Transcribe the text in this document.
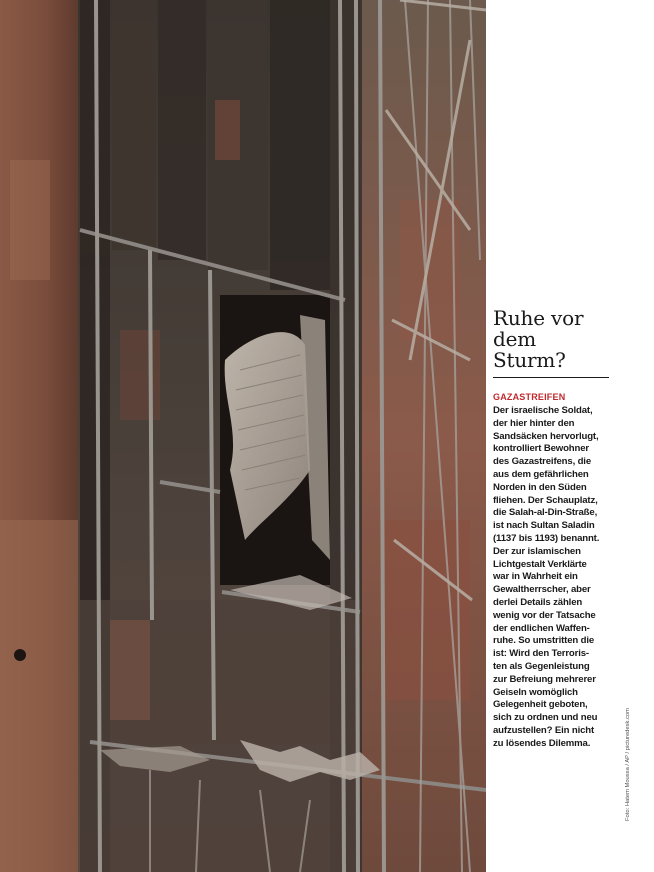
Ruhe vor
dem
Sturm?
GAZASTREIFEN
Der israelische Soldat,
der hier hinter den
Sandsäcken hervorlugt,
kontrolliert Bewohner
des Gazastreifens, die
aus dem gefährlichen
Norden in den Süden
fliehen. Der Schauplatz,
die Salah-al-Din-Straße,
ist nach Sultan Saladin
(1137 bis 1193) benannt.
Der zur islamischen
Lichtgestalt Verklärte
war in Wahrheit ein
Gewaltherrscher, aber
derlei Details zählen
wenig vor der Tatsache
der endlichen Waffen-
ruhe. So umstritten die
ist: Wird den Terroris-
ten als Gegenleistung
zur Befreiung mehrerer
Geiseln womöglich
Gelegenheit geboten,
sich zu ordnen und neu
aufzustellen? Ein nicht
zu lösendes Dilemma.	Foto: Hatem Moussa / AP / picturedesk.com
